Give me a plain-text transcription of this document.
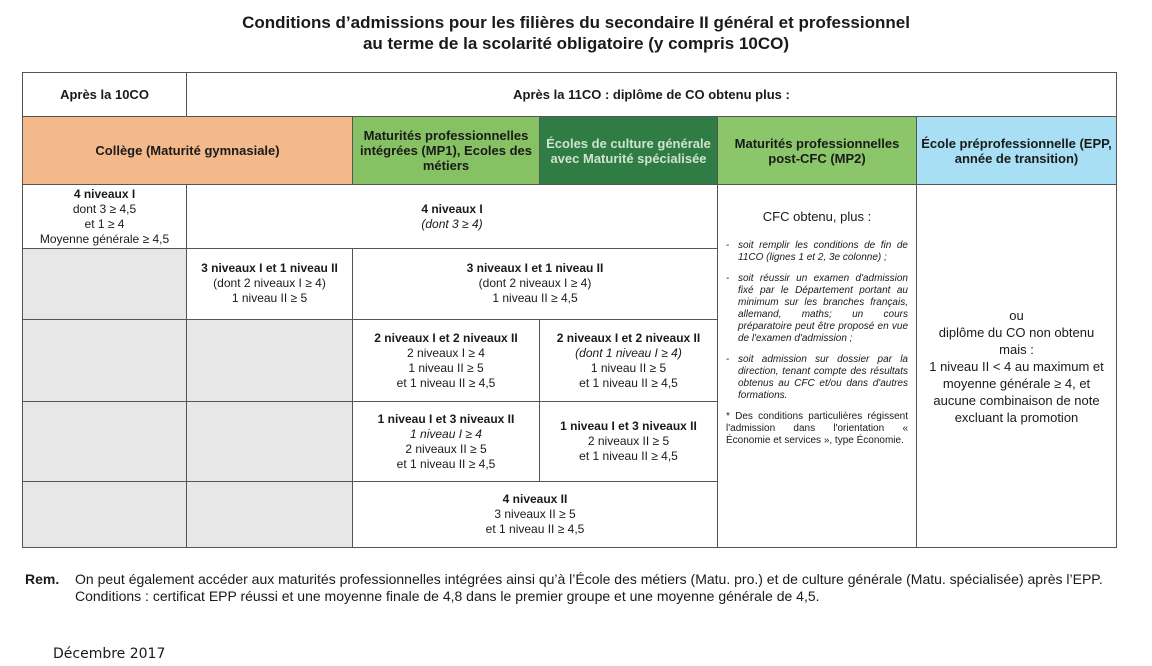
Conditions d’admissions pour les filières du secondaire II général et professionnel
au terme de la scolarité obligatoire (y compris 10CO)
Après la 10CO	Après la 11CO : diplôme de CO obtenu plus :
Collège (Maturité gymnasiale)
Maturités professionnelles intégrées (MP1), Ecoles des métiers
Écoles de culture générale avec Maturité spécialisée
Maturités professionnelles post-CFC (MP2)
École préprofessionnelle (EPP, année de transition)
4 niveaux I
dont 3 ≥ 4,5
et 1 ≥ 4
Moyenne générale ≥ 4,5
4 niveaux I
(dont 3 ≥ 4)
3 niveaux I et 1 niveau II
(dont 2 niveaux I ≥ 4)
1 niveau II ≥ 5
3 niveaux I et 1 niveau II
(dont 2 niveaux I ≥ 4)
1 niveau II ≥ 4,5
2 niveaux I et 2 niveaux II
2 niveaux I ≥ 4
1 niveau II ≥ 5
et 1 niveau II ≥ 4,5
2 niveaux I et 2 niveaux II
(dont 1 niveau I ≥ 4)
1 niveau II ≥ 5
et 1 niveau II ≥ 4,5
1 niveau I et 3 niveaux II
1 niveau I ≥ 4
2 niveaux II ≥ 5
et 1 niveau II ≥ 4,5
1 niveau I et 3 niveaux II
2 niveaux II ≥ 5
et 1 niveau II ≥ 4,5
4 niveaux II
3 niveaux II ≥ 5
et 1 niveau II ≥ 4,5
CFC obtenu, plus :
- soit remplir les conditions de fin de 11CO (lignes 1 et 2, 3e colonne) ;
- soit réussir un examen d'admission fixé par le Département portant au minimum sur les branches français, allemand, maths; un cours préparatoire peut être proposé en vue de l'examen d'admission ;
- soit admission sur dossier par la direction, tenant compte des résultats obtenus au CFC et/ou dans d'autres formations.
* Des conditions particulières régissent l'admission dans l'orientation « Économie et services », type Économie.
ou
diplôme du CO non obtenu
mais :
1 niveau II < 4 au maximum et moyenne générale ≥ 4, et aucune combinaison de note excluant la promotion
Rem.	On peut également accéder aux maturités professionnelles intégrées ainsi qu’à l’École des métiers (Matu. pro.) et de culture générale (Matu. spécialisée) après l’EPP. Conditions : certificat EPP réussi et une moyenne finale de 4,8 dans le premier groupe et une moyenne générale de 4,5.
Décembre 2017
